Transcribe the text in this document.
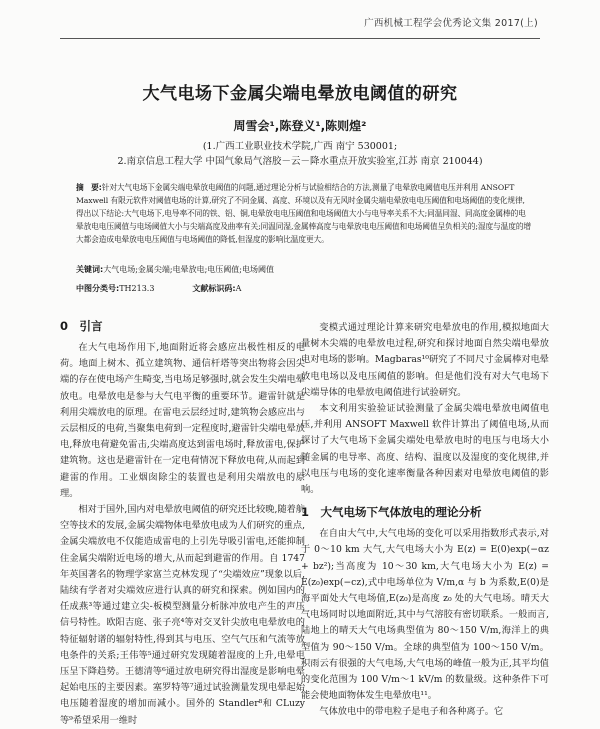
广西机械工程学会优秀论文集 2017(上)
大气电场下金属尖端电晕放电阈值的研究
周雪会¹,陈登义¹,陈则煌²
(1.广西工业职业技术学院,广西 南宁 530001;
2.南京信息工程大学 中国气象局气溶胶－云－降水重点开放实验室,江苏 南京 210044)
摘　要:针对大气电场下金属尖端电晕放电阈值的问题,通过理论分析与试验相结合的方法,测量了电晕放电阈值电压并利用 ANSOFT Maxwell 有限元软件对阈值电场的计算,研究了不同金属、高度、环境以及有无风时金属尖端电晕放电电压阈值和电场阈值的变化规律,得出以下结论:大气电场下,电导率不同的铁、铝、铜,电晕放电电压阈值和电场阈值大小与电导率关系不大;同温同湿、同高度金属棒的电晕放电电压阈值与电场阈值大小与尖端高度及曲率有关;同温同湿,金属棒高度与电晕放电电压阈值和电场阈值呈负相关的;湿度与温度的增大都会造成电晕放电电压阈值与电场阈值的降低,但湿度的影响比温度更大。
关键词:大气电场;金属尖端;电晕放电;电压阈值;电场阈值
中图分类号:TH213.3	文献标识码:A
0　引言

在大气电场作用下,地面附近将会感应出极性相反的电荷。地面上树木、孤立建筑物、通信杆塔等突出物将会因尖端的存在使电场产生畸变,当电场足够强时,就会发生尖端电晕放电。电晕放电是参与大气电平衡的重要环节。避雷针就是利用尖端放电的原理。在雷电云层经过时,建筑物会感应出与云层相反的电荷,当聚集电荷到一定程度时,避雷针尖端电晕放电,释放电荷避免雷击,尖端高度达到雷电场时,释放雷电,保护建筑物。这也是避雷针在一定电荷情况下释放电荷,从而起到避雷的作用。工业烟囱除尘的装置也是利用尖端放电的原理。

相对于国外,国内对电晕放电阈值的研究还比较晚,随着航空等技术的发展,金属尖端物体电晕放电成为人们研究的重点,金属尖端放电不仅能造成雷电的上引先导吸引雷电,还能抑制住金属尖端附近电场的增大,从而起到避雷的作用。自 1747 年英国著名的物理学家富兰克林发现了“尖端效应”现象以后,陆续有学者对尖端效应进行认真的研究和探索。例如国内的任成燕³等通过建立尖-板模型测量分析脉冲放电产生的声压信号特性。欧阳吉庭、张子亮⁴等对交叉针尖放电电晕放电的特征辐射谱的辐射特性,得到其与电压、空气气压和气流等放电条件的关系;王伟等⁵通过研究发现随着湿度的上升,电晕电压呈下降趋势。王德清等⁶通过放电研究得出湿度是影响电晕起始电压的主要因素。塞罗特等⁷通过试验测量发现电晕起始电压随着湿度的增加而减小。国外的 Standler⁸和 CLuzy 等⁹希望采用一维时

变模式通过理论计算来研究电晕放电的作用,模拟地面大量树木尖端的电晕放电过程,研究和探讨地面自然尖端电晕放电对电场的影响。Magbaras¹⁰研究了不同尺寸金属棒对电晕放电电场以及电压阈值的影响。但是他们没有对大气电场下尖端导体的电晕放电阈值进行试验研究。

本文利用实验验证试验测量了金属尖端电晕放电阈值电压,并利用 ANSOFT Maxwell 软件计算出了阈值电场,从而探讨了大气电场下金属尖端处电晕放电时的电压与电场大小随金属的电导率、高度、结构、温度以及湿度的变化规律,并以电压与电场的变化速率衡量各种因素对电晕放电阈值的影响。

1　大气电场下气体放电的理论分析

在自由大气中,大气电场的变化可以采用指数形式表示,对于 0～10 km 大气,大气电场大小为 E(z) = E(0)exp(−αz + bz²);当高度为 10～30 km,大气电场大小为 E(z) = E(z₀)exp(−cz),式中电场单位为 V/m,α 与 b 为系数,E(0)是海平面处大气电场值,E(z₀)是高度 z₀ 处的大气电场。晴天大气电场同时以地面附近,其中与气溶胶有密切联系。一般而言,陆地上的晴天大气电场典型值为 80～150 V/m,海洋上的典型值为 90～150 V/m。全球的典型值为 100～150 V/m。积雨云有很强的大气电场,大气电场的峰值一般为正,其平均值的变化范围为 100 V/m～1 kV/m 的数量级。这种条件下可能会使地面物体发生电晕放电¹¹。

气体放电中的带电粒子是电子和各种离子。它
